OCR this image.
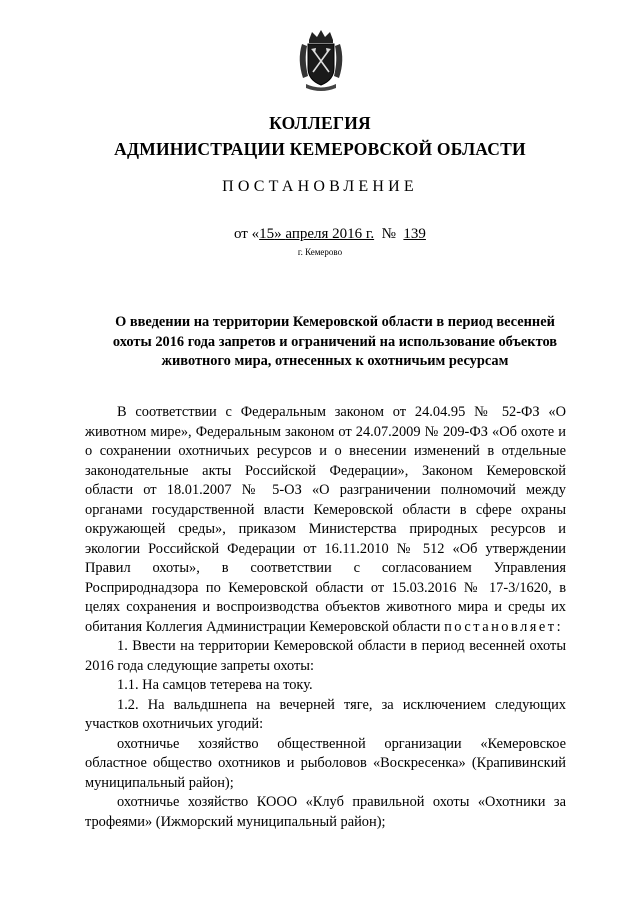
КОЛЛЕГИЯ
АДМИНИСТРАЦИИ КЕМЕРОВСКОЙ ОБЛАСТИ
ПОСТАНОВЛЕНИЕ
от «15» апреля 2016 г. № 139
г. Кемерово
О введении на территории Кемеровской области в период весенней охоты 2016 года запретов и ограничений на использование объектов животного мира, отнесенных к охотничьим ресурсам

В соответствии с Федеральным законом от 24.04.95 № 52-ФЗ «О животном мире», Федеральным законом от 24.07.2009 № 209-ФЗ «Об охоте и о сохранении охотничьих ресурсов и о внесении изменений в отдельные законодательные акты Российской Федерации», Законом Кемеровской области от 18.01.2007 № 5-ОЗ «О разграничении полномочий между органами государственной власти Кемеровской области в сфере охраны окружающей среды», приказом Министерства природных ресурсов и экологии Российской Федерации от 16.11.2010 № 512 «Об утверждении Правил охоты», в соответствии с согласованием Управления Росприроднадзора по Кемеровской области от 15.03.2016 № 17-3/1620, в целях сохранения и воспроизводства объектов животного мира и среды их обитания Коллегия Администрации Кемеровской области постановляет:

1. Ввести на территории Кемеровской области в период весенней охоты 2016 года следующие запреты охоты:

1.1. На самцов тетерева на току.

1.2. На вальдшнепа на вечерней тяге, за исключением следующих участков охотничьих угодий:

охотничье хозяйство общественной организации «Кемеровское областное общество охотников и рыболовов «Воскресенка» (Крапивинский муниципальный район);

охотничье хозяйство КООО «Клуб правильной охоты «Охотники за трофеями» (Ижморский муниципальный район);
